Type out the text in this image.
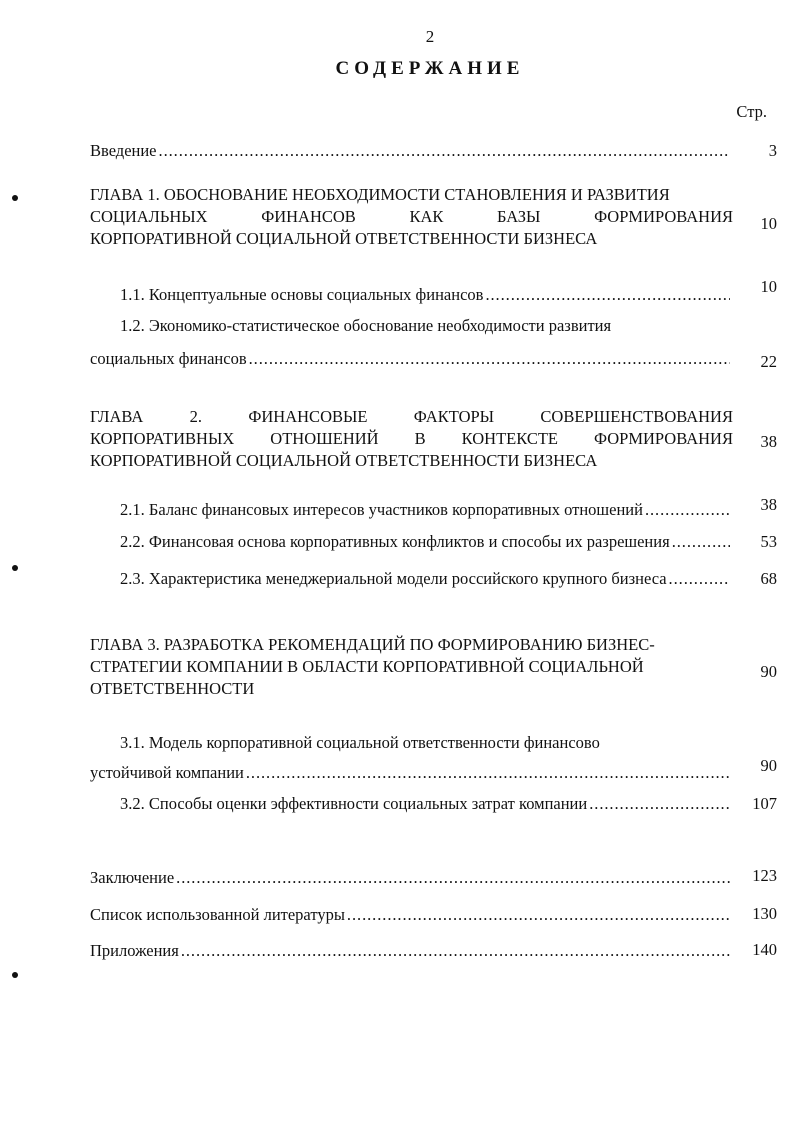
2
СОДЕРЖАНИЕ
Стр.
Введение . . .	3
ГЛАВА 1. ОБОСНОВАНИЕ НЕОБХОДИМОСТИ СТАНОВЛЕНИЯ И РАЗВИТИЯ
СОЦИАЛЬНЫХ	ФИНАНСОВ	КАК	БАЗЫ	ФОРМИРОВАНИЯ
КОРПОРАТИВНОЙ СОЦИАЛЬНОЙ ОТВЕТСТВЕННОСТИ БИЗНЕСА
10
1.1. Концептуальные основы социальных финансов . . .	10
1.2. Экономико-статистическое обоснование необходимости развития
социальных финансов . . .	22
ГЛАВА	2.	ФИНАНСОВЫЕ	ФАКТОРЫ	СОВЕРШЕНСТВОВАНИЯ
КОРПОРАТИВНЫХ ОТНОШЕНИЙ В КОНТЕКСТЕ ФОРМИРОВАНИЯ
КОРПОРАТИВНОЙ СОЦИАЛЬНОЙ ОТВЕТСТВЕННОСТИ БИЗНЕСА
38
2.1. Баланс финансовых интересов участников корпоративных отношений . . .	38
2.2. Финансовая основа корпоративных конфликтов и способы их разрешения . . .	53
2.3. Характеристика менеджериальной модели российского крупного бизнеса . . .	68
ГЛАВА 3. РАЗРАБОТКА РЕКОМЕНДАЦИЙ ПО ФОРМИРОВАНИЮ БИЗНЕС-
СТРАТЕГИИ КОМПАНИИ В ОБЛАСТИ КОРПОРАТИВНОЙ СОЦИАЛЬНОЙ
ОТВЕТСТВЕННОСТИ
90
3.1. Модель корпоративной социальной ответственности финансово
устойчивой компании . . .	90
3.2. Способы оценки эффективности социальных затрат компании . . .	107
Заключение . . .	123
Список использованной литературы . . .	130
Приложения . . .	140
